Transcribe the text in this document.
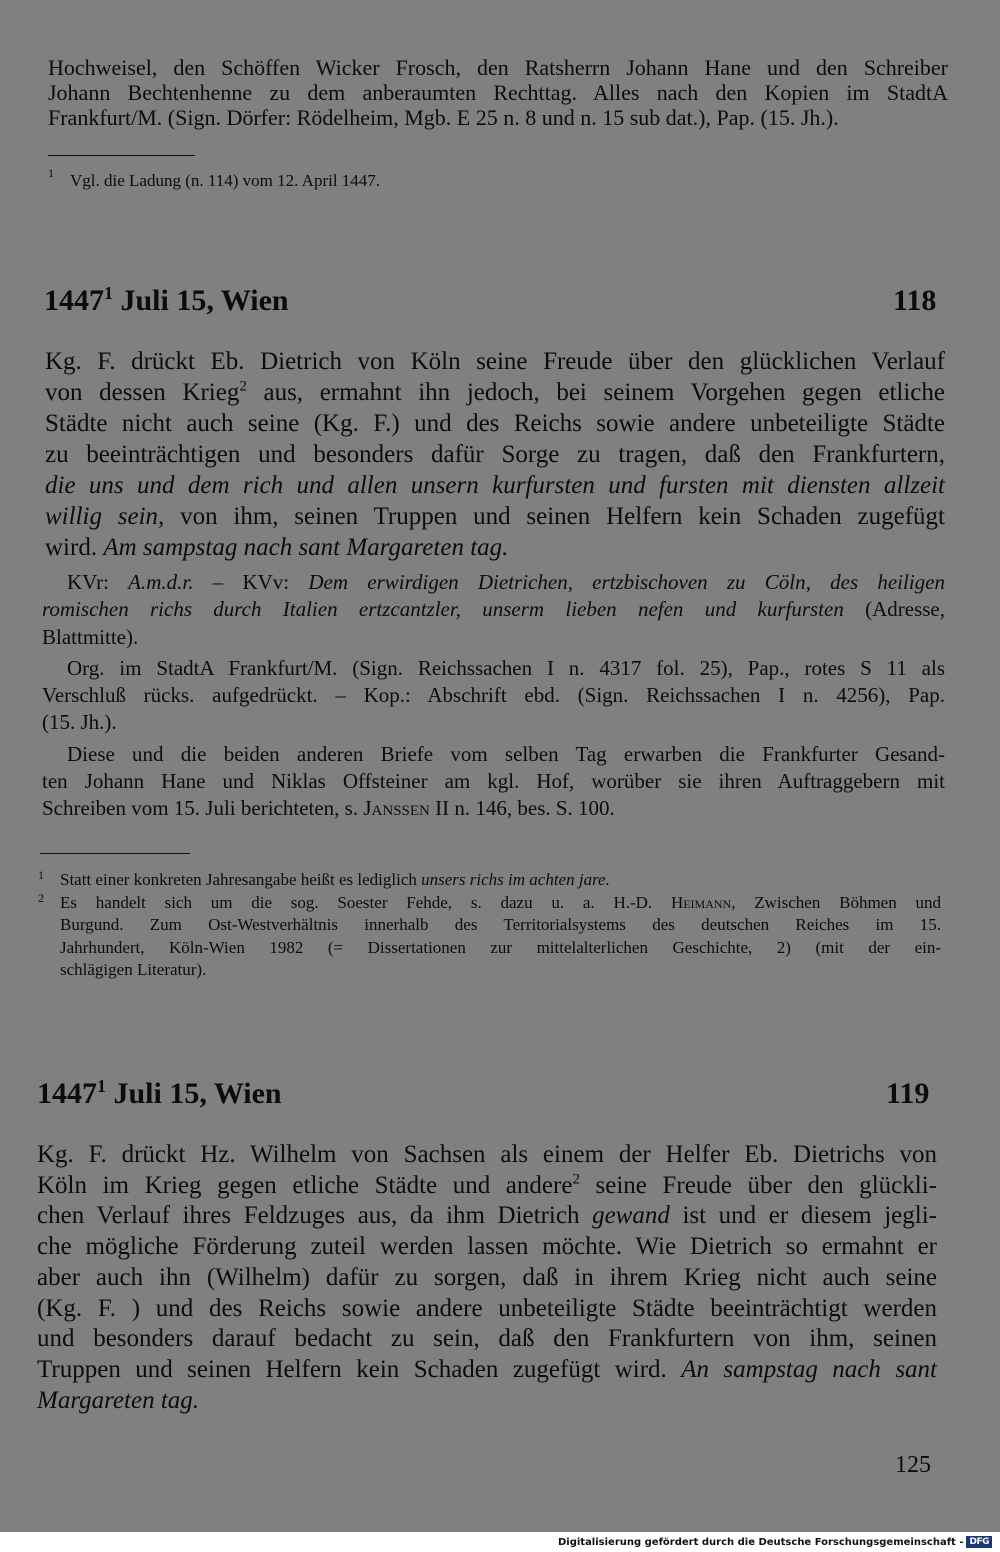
Hochweisel, den Schöffen Wicker Frosch, den Ratsherrn Johann Hane und den Schreiber
Johann Bechtenhenne zu dem anberaumten Rechttag. Alles nach den Kopien im StadtA
Frankfurt/M. (Sign. Dörfer: Rödelheim, Mgb. E 25 n. 8 und n. 15 sub dat.), Pap. (15. Jh.).
1 Vgl. die Ladung (n. 114) vom 12. April 1447.
1447$^1$ Juli 15, Wien	118
Kg. F. drückt Eb. Dietrich von Köln seine Freude über den glücklichen Verlauf
von dessen Krieg$^2$ aus, ermahnt ihn jedoch, bei seinem Vorgehen gegen etliche
Städte nicht auch seine (Kg. F.) und des Reichs sowie andere unbeteiligte Städte
zu beeinträchtigen und besonders dafür Sorge zu tragen, daß den Frankfurtern,
die uns und dem rich und allen unsern kurfursten und fursten mit diensten allzeit
willig sein, von ihm, seinen Truppen und seinen Helfern kein Schaden zugefügt
wird. Am sampstag nach sant Margareten tag.
KVr: A.m.d.r. – KVv: Dem erwirdigen Dietrichen, ertzbischoven zu Cöln, des heiligen
romischen richs durch Italien ertzcantzler, unserm lieben nefen und kurfursten (Adresse,
Blattmitte).
Org. im StadtA Frankfurt/M. (Sign. Reichssachen I n. 4317 fol. 25), Pap., rotes S 11 als
Verschluß rücks. aufgedrückt. – Kop.: Abschrift ebd. (Sign. Reichssachen I n. 4256), Pap.
(15. Jh.).
Diese und die beiden anderen Briefe vom selben Tag erwarben die Frankfurter Gesand-
ten Johann Hane und Niklas Offsteiner am kgl. Hof, worüber sie ihren Auftraggebern mit
Schreiben vom 15. Juli berichteten, s. Janssen II n. 146, bes. S. 100.
1 Statt einer konkreten Jahresangabe heißt es lediglich unsers richs im achten jare.
2 Es handelt sich um die sog. Soester Fehde, s. dazu u. a. H.-D. Heimann, Zwischen Böhmen und
Burgund. Zum Ost-Westverhältnis innerhalb des Territorialsystems des deutschen Reiches im 15.
Jahrhundert, Köln-Wien 1982 (= Dissertationen zur mittelalterlichen Geschichte, 2) (mit der ein-
schlägigen Literatur).
1447$^1$ Juli 15, Wien	119
Kg. F. drückt Hz. Wilhelm von Sachsen als einem der Helfer Eb. Dietrichs von
Köln im Krieg gegen etliche Städte und andere$^2$ seine Freude über den glückli-
chen Verlauf ihres Feldzuges aus, da ihm Dietrich gewand ist und er diesem jegli-
che mögliche Förderung zuteil werden lassen möchte. Wie Dietrich so ermahnt er
aber auch ihn (Wilhelm) dafür zu sorgen, daß in ihrem Krieg nicht auch seine
(Kg. F. ) und des Reichs sowie andere unbeteiligte Städte beeinträchtigt werden
und besonders darauf bedacht zu sein, daß den Frankfurtern von ihm, seinen
Truppen und seinen Helfern kein Schaden zugefügt wird. An sampstag nach sant
Margareten tag.
125
Digitalisierung gefördert durch die Deutsche Forschungsgemeinschaft - DFG
